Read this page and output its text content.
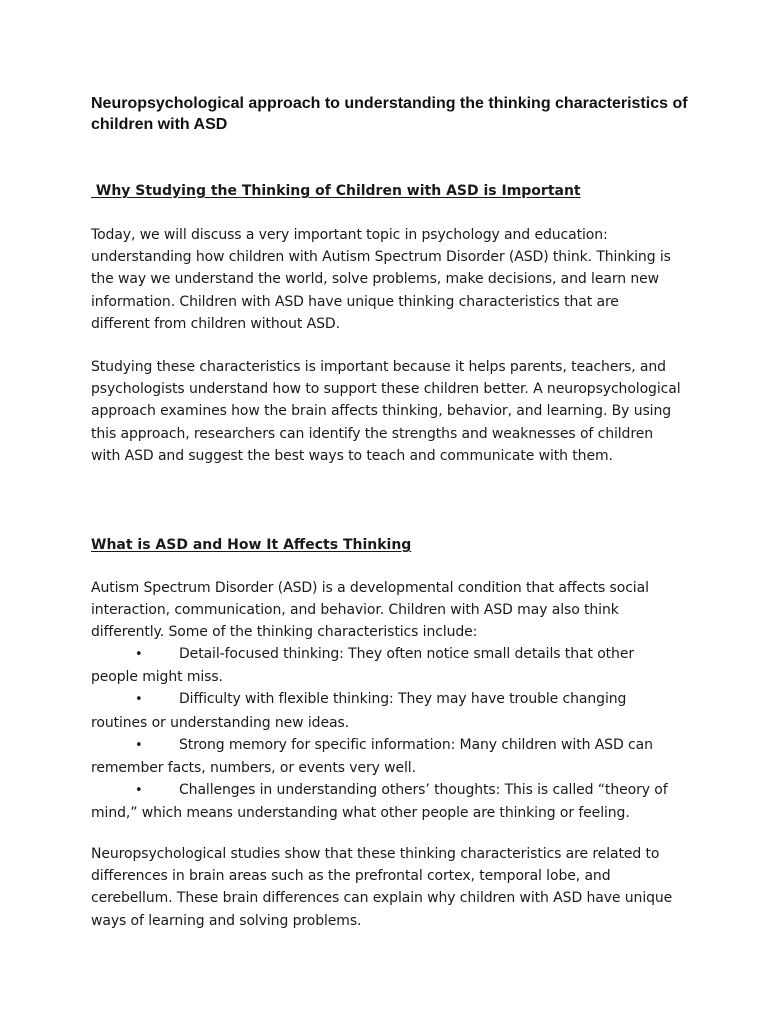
Neuropsychological approach to understanding the thinking characteristics of children with ASD
Why Studying the Thinking of Children with ASD is Important

Today, we will discuss a very important topic in psychology and education: understanding how children with Autism Spectrum Disorder (ASD) think. Thinking is the way we understand the world, solve problems, make decisions, and learn new information. Children with ASD have unique thinking characteristics that are different from children without ASD.

Studying these characteristics is important because it helps parents, teachers, and psychologists understand how to support these children better. A neuropsychological approach examines how the brain affects thinking, behavior, and learning. By using this approach, researchers can identify the strengths and weaknesses of children with ASD and suggest the best ways to teach and communicate with them.

What is ASD and How It Affects Thinking

Autism Spectrum Disorder (ASD) is a developmental condition that affects social interaction, communication, and behavior. Children with ASD may also think differently. Some of the thinking characteristics include:

•	Detail-focused thinking: They often notice small details that other people might miss.
•	Difficulty with flexible thinking: They may have trouble changing routines or understanding new ideas.
•	Strong memory for specific information: Many children with ASD can remember facts, numbers, or events very well.
•	Challenges in understanding others’ thoughts: This is called “theory of mind,” which means understanding what other people are thinking or feeling.

Neuropsychological studies show that these thinking characteristics are related to differences in brain areas such as the prefrontal cortex, temporal lobe, and cerebellum. These brain differences can explain why children with ASD have unique ways of learning and solving problems.
